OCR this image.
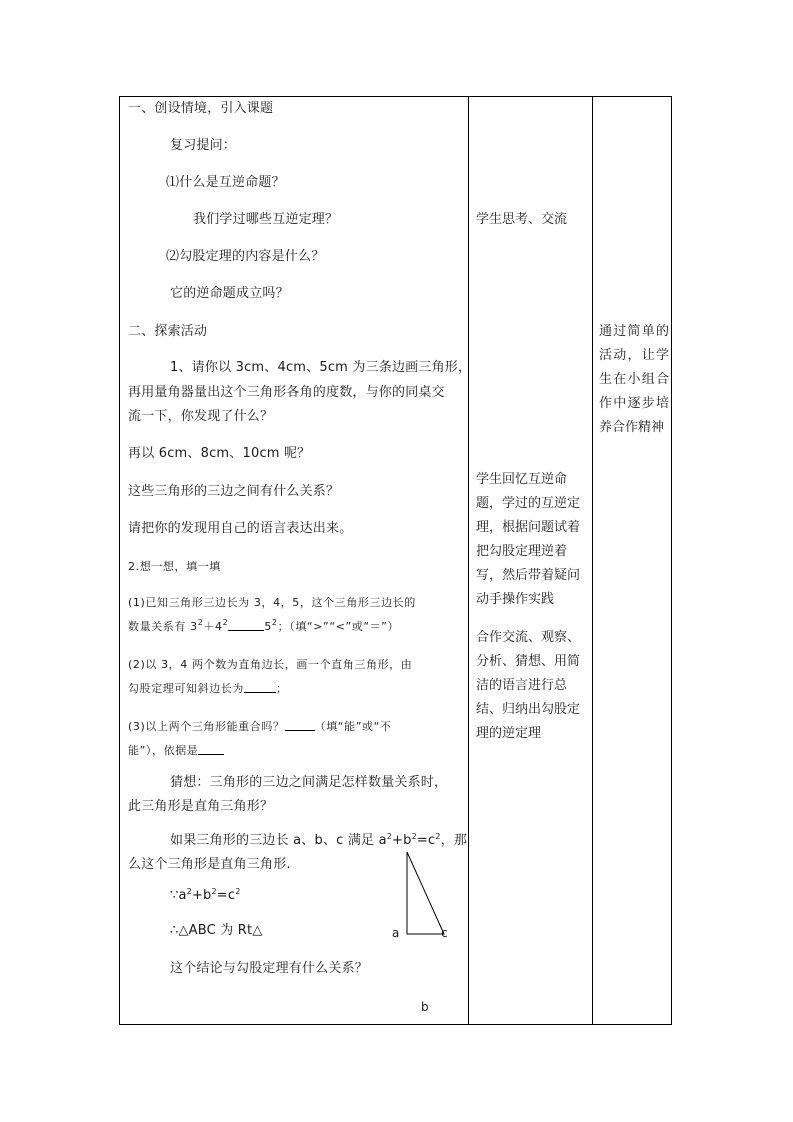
一、创设情境，引入课题
复习提问：
⑴什么是互逆命题？
我们学过哪些互逆定理？
⑵勾股定理的内容是什么？
它的逆命题成立吗？
二、探索活动
1、请你以 3cm、4cm、5cm 为三条边画三角形，
再用量角器量出这个三角形各角的度数，与你的同桌交
流一下，你发现了什么？
再以 6cm、8cm、10cm 呢？
这些三角形的三边之间有什么关系？
请把你的发现用自己的语言表达出来。
2.想一想，填一填
(1)已知三角形三边长为 3，4，5，这个三角形三边长的
数量关系有 $3^2+4^2$	$5^2$；（填“>”“<”或“＝”）
(2)以 3，4 两个数为直角边长，画一个直角三角形，由
勾股定理可知斜边长为	；
(3)以上两个三角形能重合吗？	（填“能”或“不
能”），依据是
猜想：三角形的三边之间满足怎样数量关系时，
此三角形是直角三角形？
如果三角形的三边长 a、b、c 满足 $a^2+b^2=c^2$，那
么这个三角形是直角三角形.
$\because a^2+b^2=c^2$
∴△ABC 为 Rt△
这个结论与勾股定理有什么关系？
a	c
b
学生思考、交流
学生回忆互逆命题，学过的互逆定理，根据问题试着把勾股定理逆着写，然后带着疑问动手操作实践
合作交流、观察、分析、猜想、用简洁的语言进行总结、归纳出勾股定理的逆定理
通过简单的活动，让学生在小组合作中逐步培养合作精神
